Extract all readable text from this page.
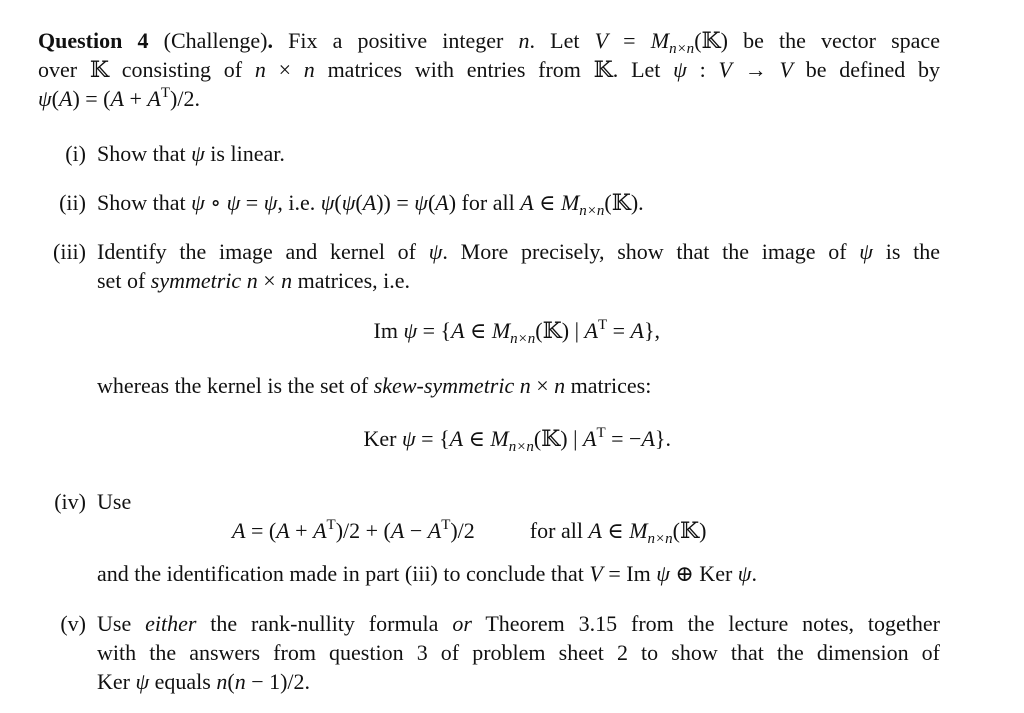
Question 4 (Challenge). Fix a positive integer n. Let $V = M_{n\times n}(𝕂)$ be the vector space
over 𝕂 consisting of n × n matrices with entries from 𝕂. Let ψ : V → V be defined by
$\psi(A) = (A + A^T)/2$.
Show that ψ is linear.
Show that ψ ∘ ψ = ψ, i.e. ψ(ψ(A)) = ψ(A) for all A ∈ $M_{n\times n}(𝕂)$.
Identify the image and kernel of ψ. More precisely, show that the image of ψ is the
set of symmetric n × n matrices, i.e.
Im ψ = {A ∈ $M_{n\times n}(𝕂)$ | $A^T = A$},
whereas the kernel is the set of skew-symmetric n × n matrices:
Ker ψ = {A ∈ $M_{n\times n}(𝕂)$ | $A^T = -A$}.
Use
$A = (A + A^T)/2 + (A - A^T)/2$          for all A ∈ $M_{n\times n}(𝕂)$
and the identification made in part (iii) to conclude that V = Im ψ ⊕ Ker ψ.
Use either the rank-nullity formula or Theorem 3.15 from the lecture notes, together
with the answers from question 3 of problem sheet 2 to show that the dimension of
Ker ψ equals n(n − 1)/2.
(i)
(ii)
(iii)
(iv)
(v)
